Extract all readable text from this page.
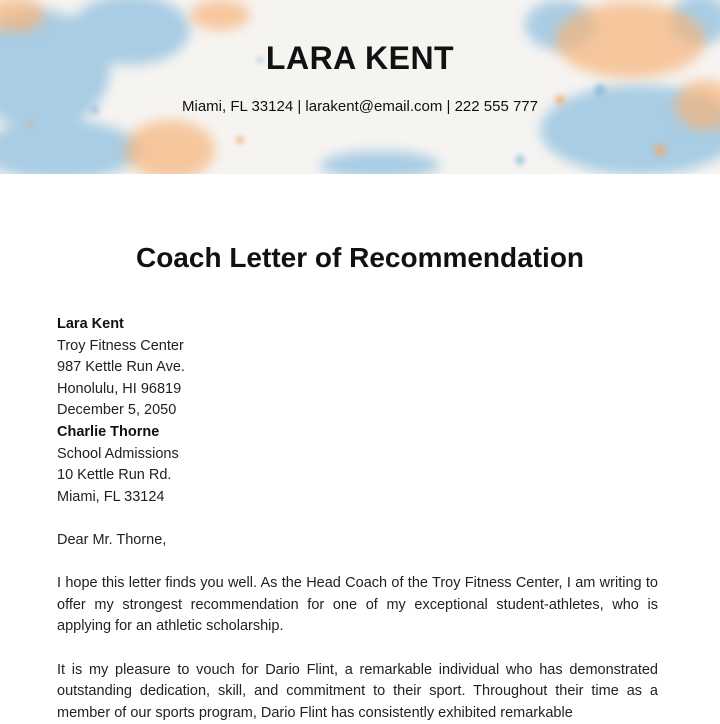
LARA KENT
Miami, FL 33124 | larakent@email.com | 222 555 777
Coach Letter of Recommendation
Lara Kent
Troy Fitness Center
987 Kettle Run Ave.
Honolulu, HI 96819
December 5, 2050
Charlie Thorne
School Admissions
10 Kettle Run Rd.
Miami, FL 33124
Dear Mr. Thorne,

I hope this letter finds you well. As the Head Coach of the Troy Fitness Center, I am writing to offer my strongest recommendation for one of my exceptional student-athletes, who is applying for an athletic scholarship.

It is my pleasure to vouch for Dario Flint, a remarkable individual who has demonstrated outstanding dedication, skill, and commitment to their sport. Throughout their time as a member of our sports program, Dario Flint has consistently exhibited remarkable
